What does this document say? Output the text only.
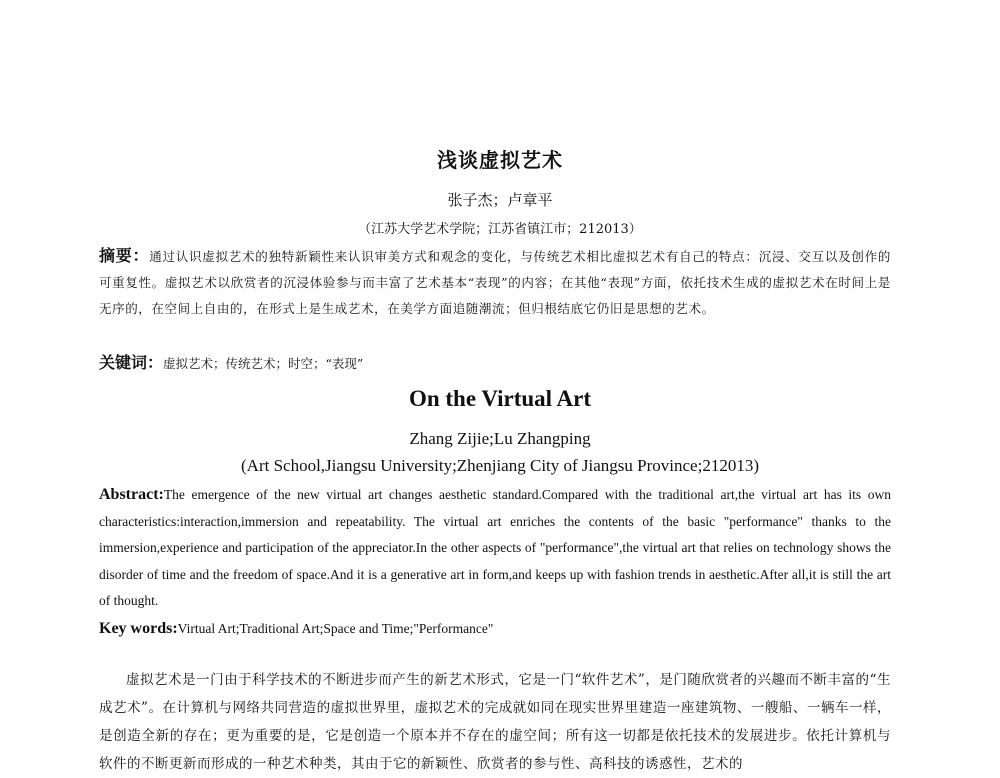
浅谈虚拟艺术
张子杰；卢章平
（江苏大学艺术学院；江苏省镇江市；212013）
摘要：通过认识虚拟艺术的独特新颖性来认识审美方式和观念的变化，与传统艺术相比虚拟艺术有自己的特点：沉浸、交互以及创作的可重复性。虚拟艺术以欣赏者的沉浸体验参与而丰富了艺术基本“表现”的内容；在其他“表现”方面，依托技术生成的虚拟艺术在时间上是无序的，在空间上自由的，在形式上是生成艺术，在美学方面追随潮流；但归根结底它仍旧是思想的艺术。
关键词：虚拟艺术；传统艺术；时空；“表现”
On the Virtual Art
Zhang Zijie;Lu Zhangping
(Art School,Jiangsu University;Zhenjiang City of Jiangsu Province;212013)
Abstract:The emergence of the new virtual art changes aesthetic standard.Compared with the traditional art,the virtual art has its own characteristics:interaction,immersion and repeatability. The virtual art enriches the contents of the basic "performance" thanks to the immersion,experience and participation of the appreciator.In the other aspects of "performance",the virtual art that relies on technology shows the disorder of time and the freedom of space.And it is a generative art in form,and keeps up with fashion trends in aesthetic.After all,it is still the art of thought.
Key words:Virtual Art;Traditional Art;Space and Time;"Performance"
虚拟艺术是一门由于科学技术的不断进步而产生的新艺术形式，它是一门“软件艺术”，是门随欣赏者的兴趣而不断丰富的“生成艺术”。在计算机与网络共同营造的虚拟世界里，虚拟艺术的完成就如同在现实世界里建造一座建筑物、一艘船、一辆车一样，是创造全新的存在；更为重要的是，它是创造一个原本并不存在的虚空间；所有这一切都是依托技术的发展进步。依托计算机与软件的不断更新而形成的一种艺术种类，其由于它的新颖性、欣赏者的参与性、高科技的诱惑性，艺术的
